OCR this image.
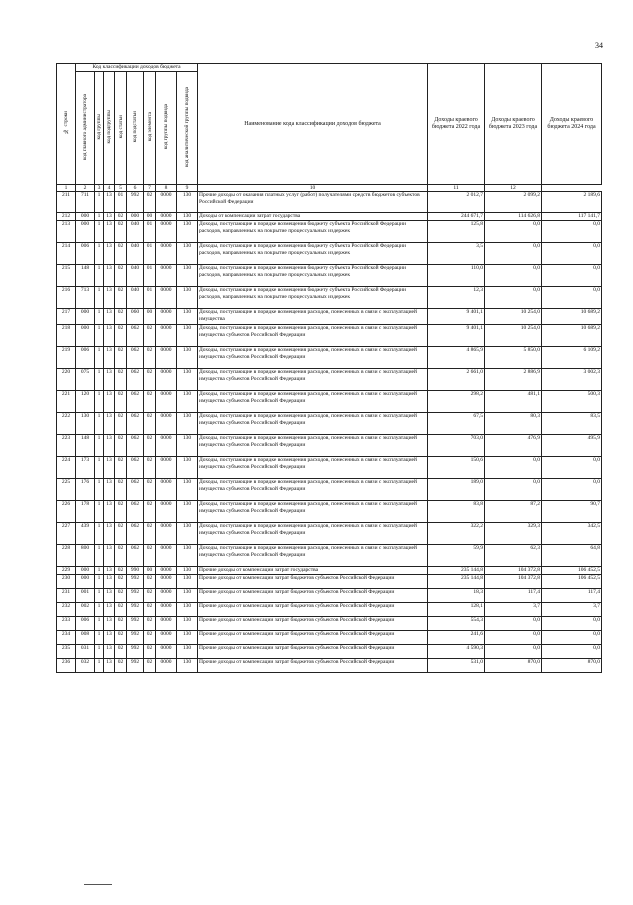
34
№ строки	Код классификации доходов бюджета								Наименование кода классификации доходов бюджета	Доходы краевого бюджета 2022 года	Доходы краевого бюджета 2023 года	Доходы краевого бюджета 2024 года
	код главного администратора	код группы	код подгруппы	код статьи	код подстатьи	код элемента	код группы подвида	код аналитической группы подвида				
1	2	3	4	5	6	7	8	9	10	11	12	
211	711	1	13	01	992	02	0000	130	Прочие доходы от оказания платных услуг (работ) получателями средств бюджетов субъектов Российской Федерации	2 012,7	2 099,2	2 189,6
212	000	1	13	02	000	00	0000	130	Доходы от компенсации затрат государства	244 671,7	114 626,8	117 141,7
213	000	1	13	02	040	01	0000	130	Доходы, поступающие в порядке возмещения бюджету субъекта Российской Федерации расходов, направленных на покрытие процессуальных издержек	125,8	0,0	0,0
214	006	1	13	02	040	01	0000	130	Доходы, поступающие в порядке возмещения бюджету субъекта Российской Федерации расходов, направленных на покрытие процессуальных издержек	3,5	0,0	0,0
215	148	1	13	02	040	01	0000	130	Доходы, поступающие в порядке возмещения бюджету субъекта Российской Федерации расходов, направленных на покрытие процессуальных издержек	110,0	0,0	0,0
216	713	1	13	02	040	01	0000	130	Доходы, поступающие в порядке возмещения бюджету субъекта Российской Федерации расходов, направленных на покрытие процессуальных издержек	12,3	0,0	0,0
217	000	1	13	02	060	00	0000	130	Доходы, поступающие в порядке возмещения расходов, понесенных в связи с эксплуатацией имущества	9 401,1	10 254,0	10 689,2
218	000	1	13	02	062	02	0000	130	Доходы, поступающие в порядке возмещения расходов, понесенных в связи с эксплуатацией имущества субъектов Российской Федерации	9 401,1	10 254,0	10 689,2
219	006	1	13	02	062	02	0000	130	Доходы, поступающие в порядке возмещения расходов, понесенных в связи с эксплуатацией имущества субъектов Российской Федерации	4 865,9	5 850,0	6 109,2
220	075	1	13	02	062	02	0000	130	Доходы, поступающие в порядке возмещения расходов, понесенных в связи с эксплуатацией имущества субъектов Российской Федерации	2 661,0	2 886,9	3 002,3
221	120	1	13	02	062	02	0000	130	Доходы, поступающие в порядке возмещения расходов, понесенных в связи с эксплуатацией имущества субъектов Российской Федерации	298,2	481,1	500,3
222	130	1	13	02	062	02	0000	130	Доходы, поступающие в порядке возмещения расходов, понесенных в связи с эксплуатацией имущества субъектов Российской Федерации	67,5	80,3	83,5
223	148	1	13	02	062	02	0000	130	Доходы, поступающие в порядке возмещения расходов, понесенных в связи с эксплуатацией имущества субъектов Российской Федерации	703,0	476,9	495,9
224	173	1	13	02	062	02	0000	130	Доходы, поступающие в порядке возмещения расходов, понесенных в связи с эксплуатацией имущества субъектов Российской Федерации	150,6	0,0	0,0
225	176	1	13	02	062	02	0000	130	Доходы, поступающие в порядке возмещения расходов, понесенных в связи с эксплуатацией имущества субъектов Российской Федерации	189,0	0,0	0,0
226	178	1	13	02	062	02	0000	130	Доходы, поступающие в порядке возмещения расходов, понесенных в связи с эксплуатацией имущества субъектов Российской Федерации	83,8	87,2	90,7
227	439	1	13	02	062	02	0000	130	Доходы, поступающие в порядке возмещения расходов, понесенных в связи с эксплуатацией имущества субъектов Российской Федерации	322,2	329,3	342,5
228	800	1	13	02	062	02	0000	130	Доходы, поступающие в порядке возмещения расходов, понесенных в связи с эксплуатацией имущества субъектов Российской Федерации	59,9	62,3	64,8
229	000	1	13	02	990	00	0000	130	Прочие доходы от компенсации затрат государства	235 144,8	104 372,8	106 452,5
230	000	1	13	02	992	02	0000	130	Прочие доходы от компенсации затрат бюджетов субъектов Российской Федерации	235 144,8	104 372,8	106 452,5
231	001	1	13	02	992	02	0000	130	Прочие доходы от компенсации затрат бюджетов субъектов Российской Федерации	18,3	117,4	117,4
232	002	1	13	02	992	02	0000	130	Прочие доходы от компенсации затрат бюджетов субъектов Российской Федерации	128,1	3,7	3,7
233	006	1	13	02	992	02	0000	130	Прочие доходы от компенсации затрат бюджетов субъектов Российской Федерации	554,3	0,0	0,0
234	008	1	13	02	992	02	0000	130	Прочие доходы от компенсации затрат бюджетов субъектов Российской Федерации	241,6	0,0	0,0
235	031	1	13	02	992	02	0000	130	Прочие доходы от компенсации затрат бюджетов субъектов Российской Федерации	4 590,3	0,0	0,0
236	032	1	13	02	992	02	0000	130	Прочие доходы от компенсации затрат бюджетов субъектов Российской Федерации	531,0	870,0	870,0
